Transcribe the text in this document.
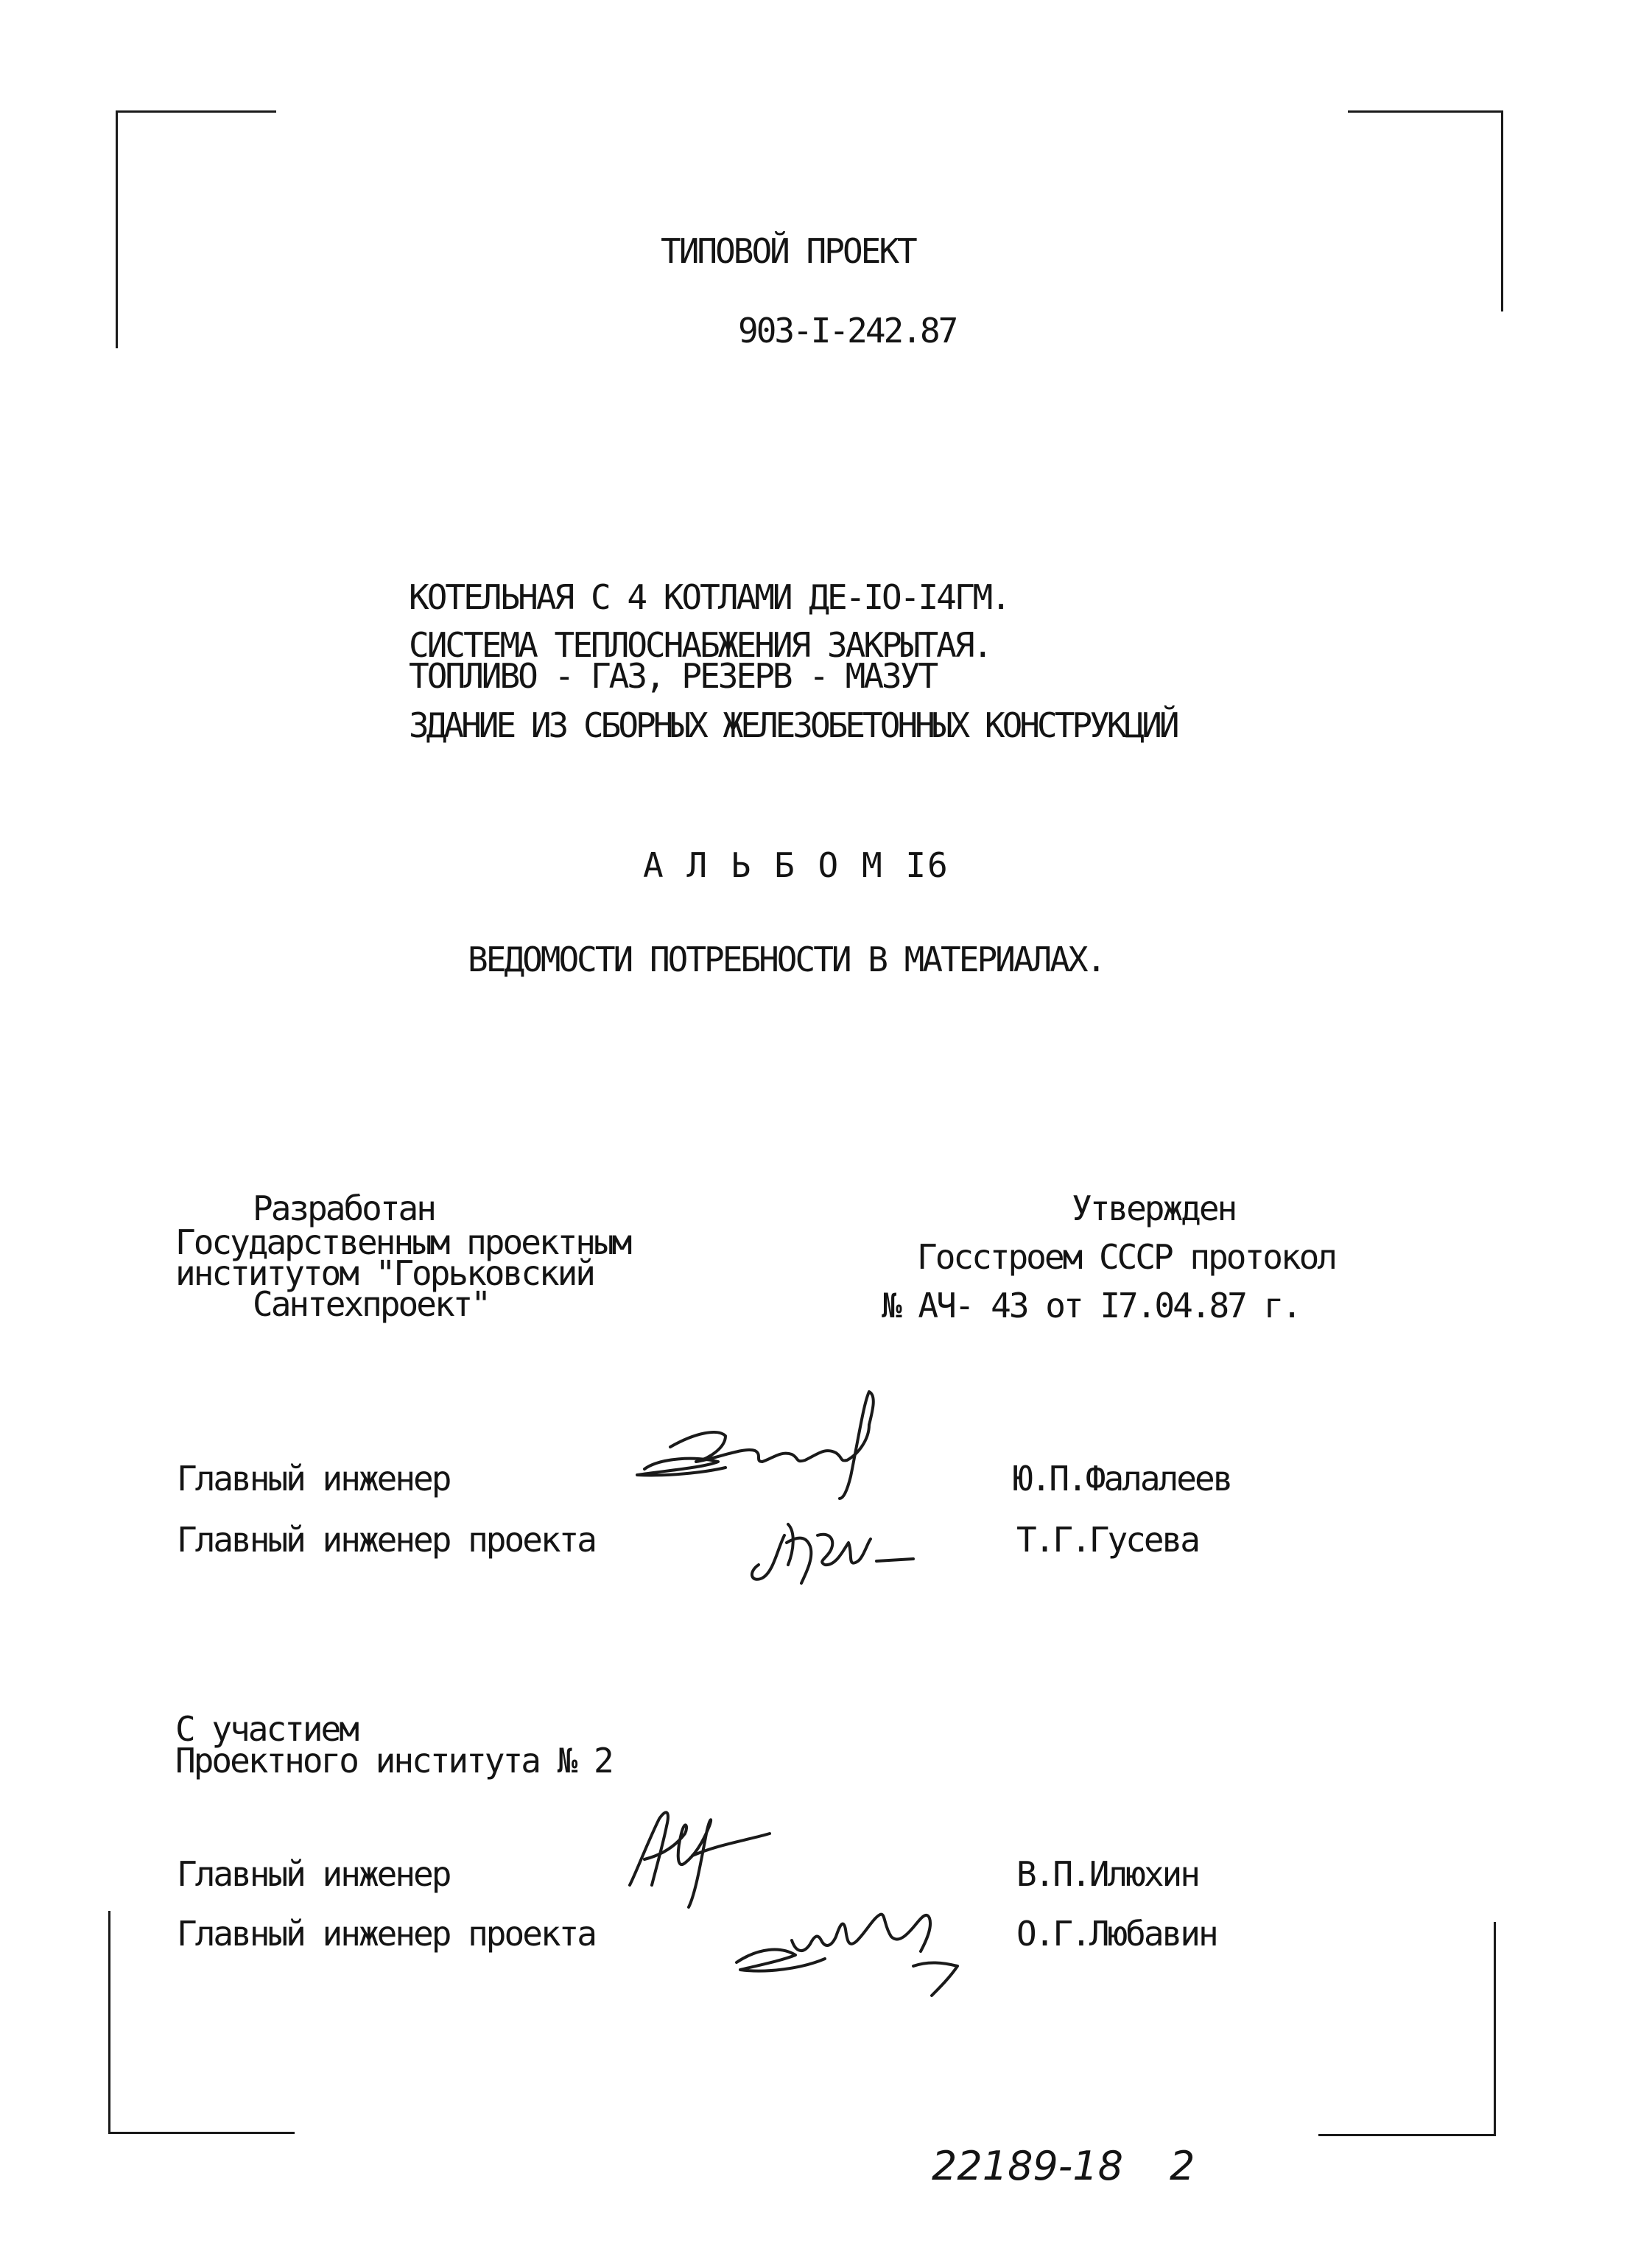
ТИПОВОЙ ПРОЕКТ
903-I-242.87
КОТЕЛЬНАЯ С 4 КОТЛАМИ ДЕ-IO-I4ГМ.
СИСТЕМА ТЕПЛОСНАБЖЕНИЯ ЗАКРЫТАЯ.
ТОПЛИВО - ГАЗ, РЕЗЕРВ - МАЗУТ
ЗДАНИЕ ИЗ СБОРНЫХ ЖЕЛЕЗОБЕТОННЫХ КОНСТРУКЦИЙ
А Л Ь Б О М I6
ВЕДОМОСТИ ПОТРЕБНОСТИ В МАТЕРИАЛАХ.
Разработан
Государственным проектным
институтом "Горьковский
Сантехпроект"
Утвержден
Госстроем СССР протокол
№ АЧ- 43 от I7.04.87 г.
Главный инженер	Ю.П.Фалалеев
Главный инженер проекта	Т.Г.Гусева
С участием
Проектного института № 2
Главный инженер	В.П.Илюхин
Главный инженер проекта	О.Г.Любавин
22189-18 2
